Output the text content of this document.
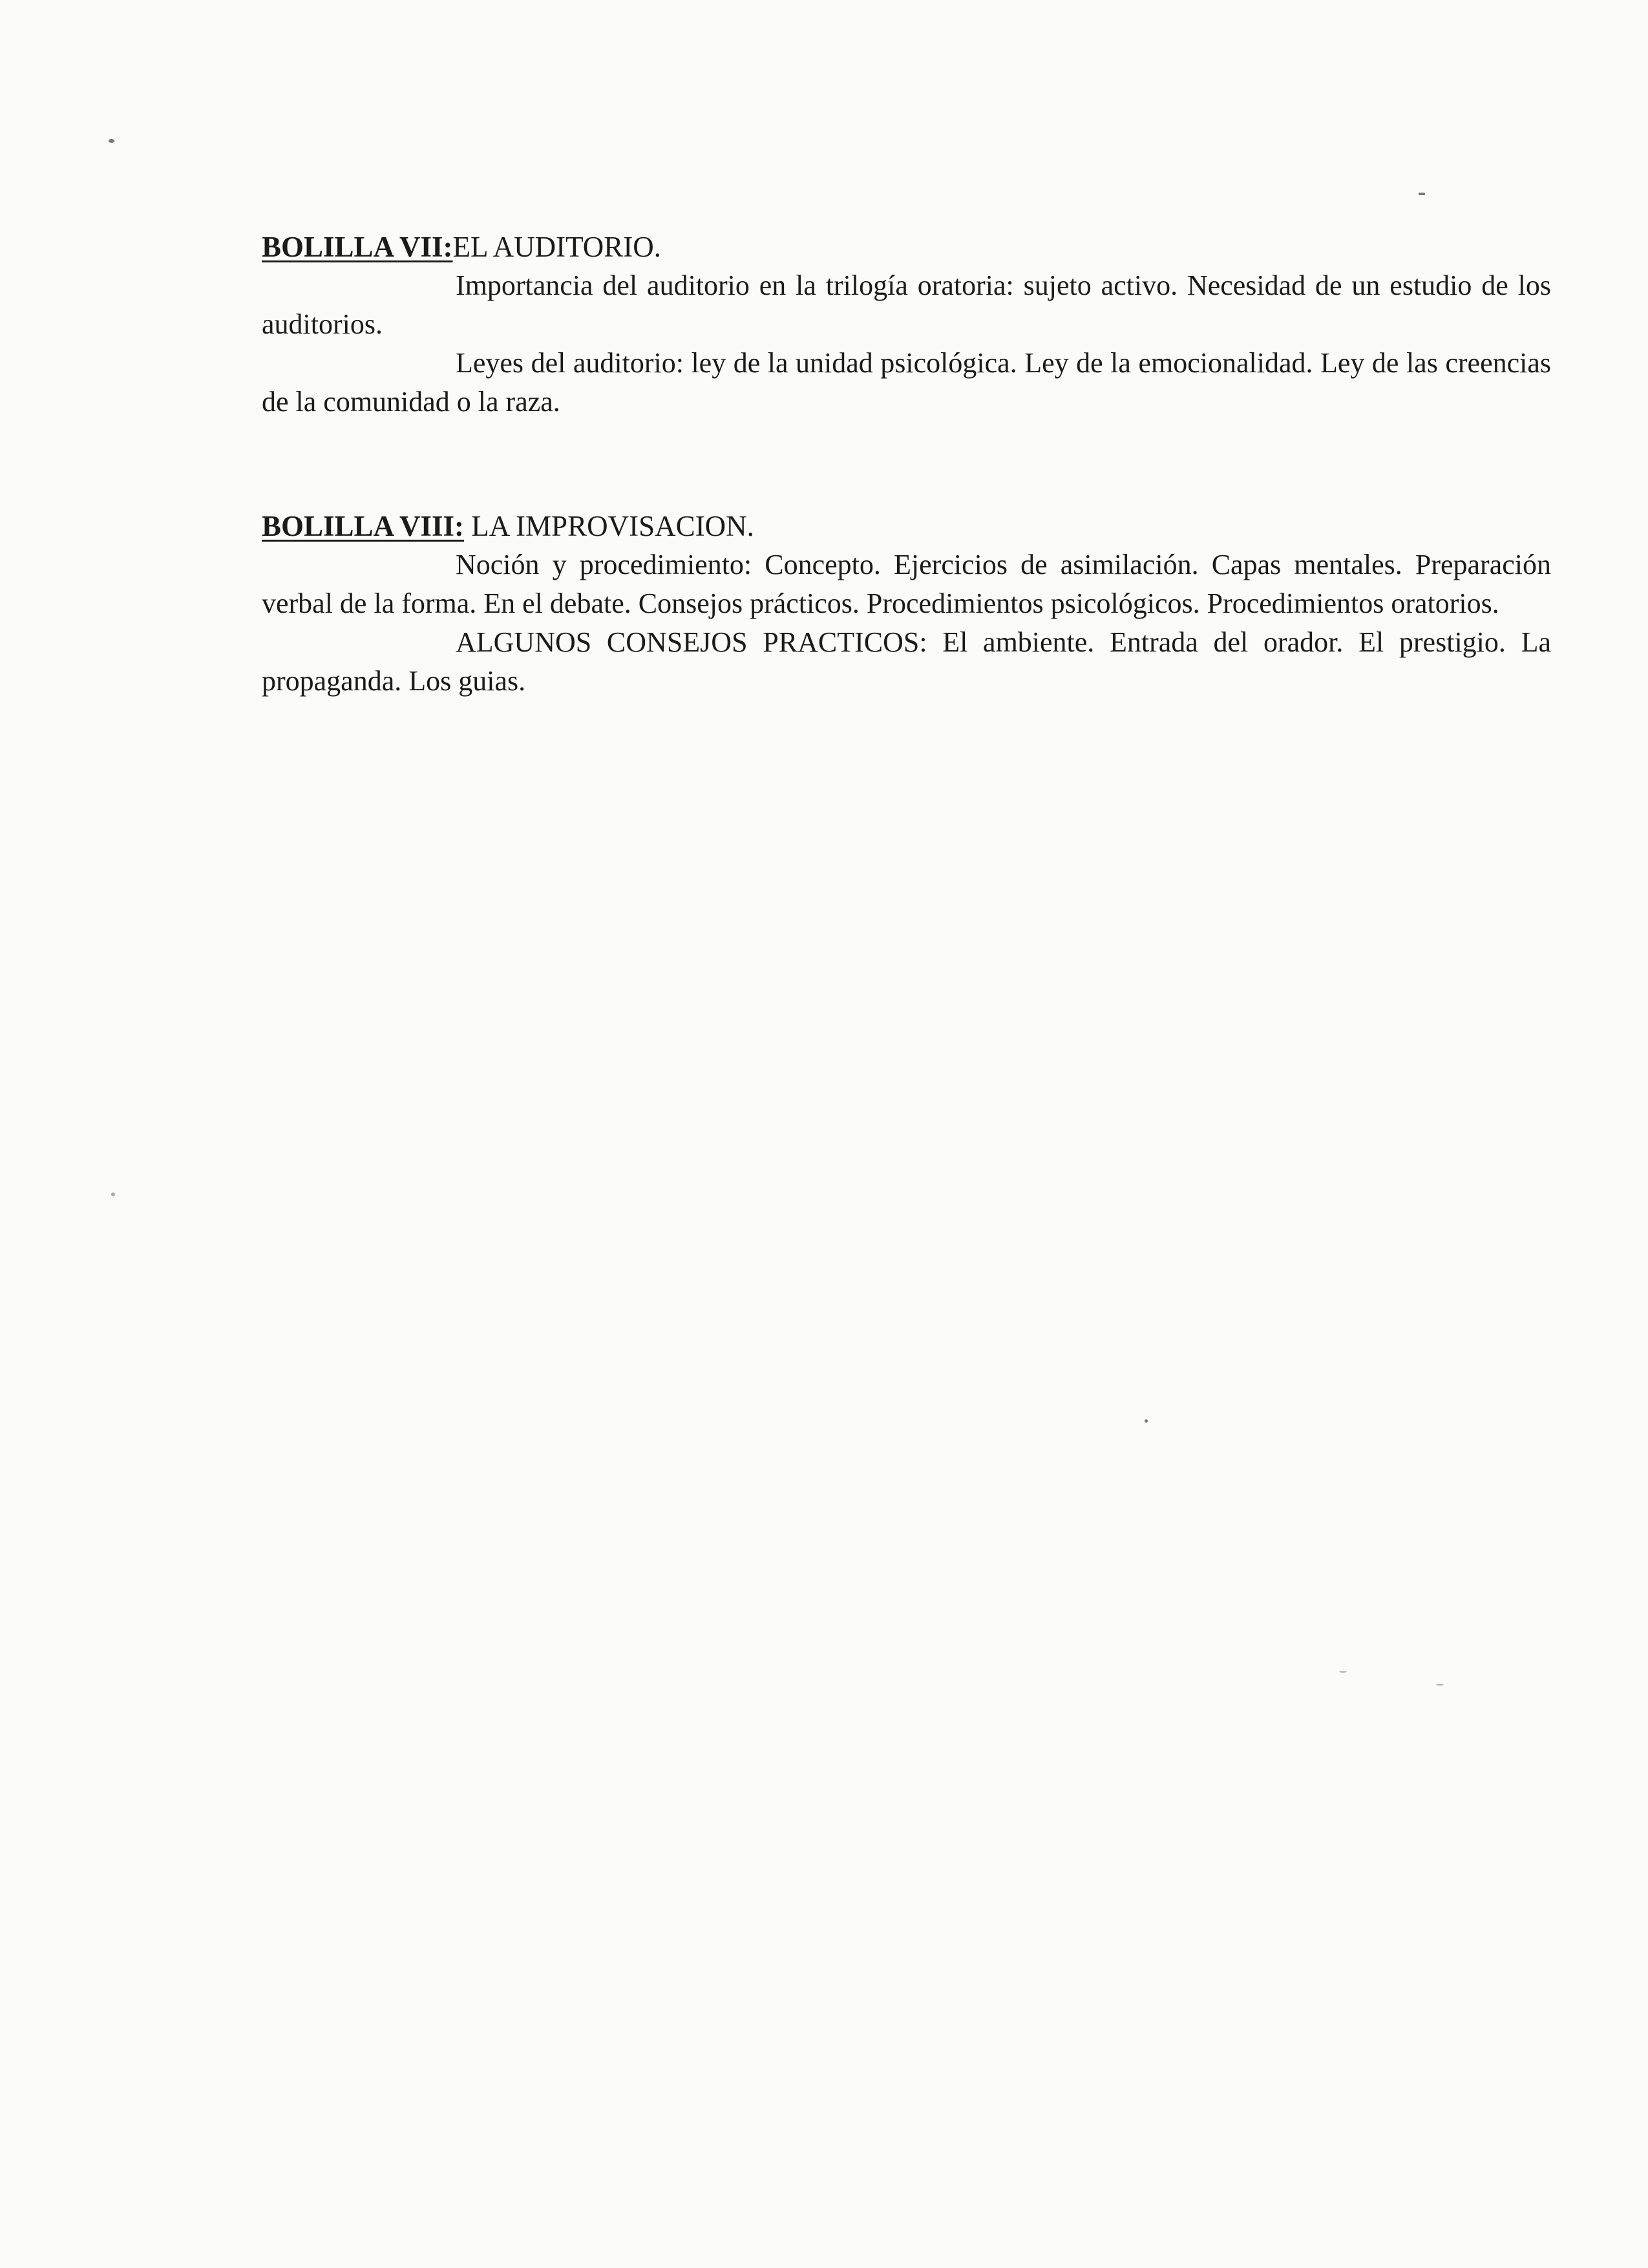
BOLILLA VII:EL AUDITORIO.

Importancia del auditorio en la trilogía oratoria: sujeto activo. Necesidad de un estudio de los auditorios.

Leyes del auditorio: ley de la unidad psicológica. Ley de la emocionalidad. Ley de las creencias de la comunidad o la raza.

BOLILLA VIII: LA IMPROVISACION.

Noción y procedimiento: Concepto. Ejercicios de asimilación. Capas mentales. Preparación verbal de la forma. En el debate. Consejos prácticos. Procedimientos psicológicos. Procedimientos oratorios.

ALGUNOS CONSEJOS PRACTICOS: El ambiente. Entrada del orador. El prestigio. La propaganda. Los guias.
